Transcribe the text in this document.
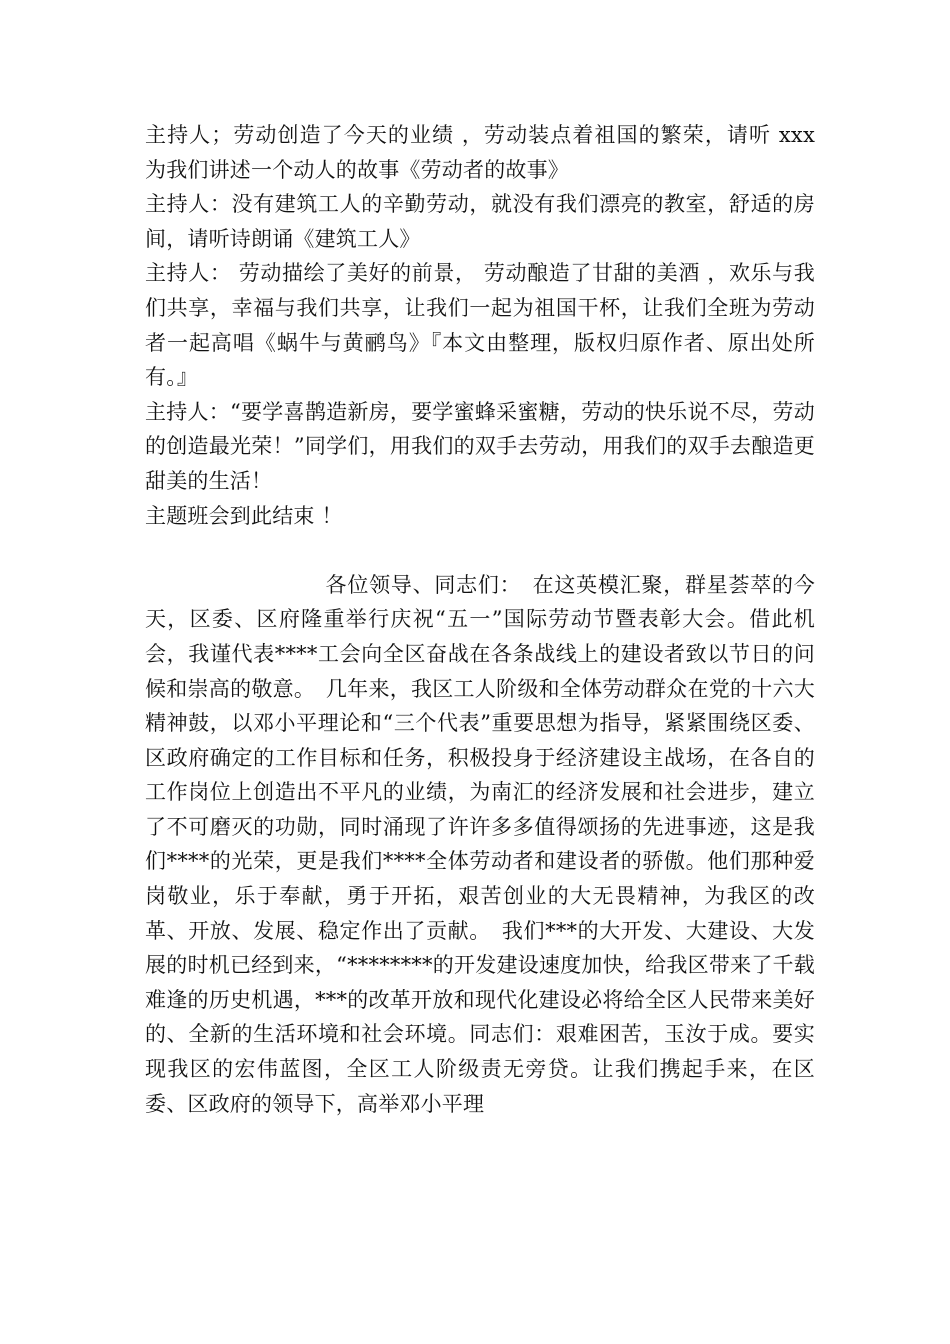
主持人；劳动创造了今天的业绩 ，劳动装点着祖国的繁荣，请听 xxx 为我们讲述一个动人的故事《劳动者的故事》

主持人：没有建筑工人的辛勤劳动，就没有我们漂亮的教室，舒适的房间，请听诗朗诵《建筑工人》

主持人： 劳动描绘了美好的前景， 劳动酿造了甘甜的美酒 ，欢乐与我们共享，幸福与我们共享，让我们一起为祖国干杯，让我们全班为劳动者一起高唱《蜗牛与黄鹂鸟》『本文由整理，版权归原作者、原出处所有。』

主持人：“要学喜鹊造新房，要学蜜蜂采蜜糖，劳动的快乐说不尽，劳动的创造最光荣！”同学们，用我们的双手去劳动，用我们的双手去酿造更甜美的生活！

主题班会到此结束 ！

各位领导、同志们：　在这英模汇聚，群星荟萃的今天，区委、区府隆重举行庆祝“五一”国际劳动节暨表彰大会。借此机会，我谨代表****工会向全区奋战在各条战线上的建设者致以节日的问候和崇高的敬意。　几年来，我区工人阶级和全体劳动群众在党的十六大精神鼓，以邓小平理论和“三个代表”重要思想为指导，紧紧围绕区委、区政府确定的工作目标和任务，积极投身于经济建设主战场，在各自的工作岗位上创造出不平凡的业绩，为南汇的经济发展和社会进步，建立了不可磨灭的功勋，同时涌现了许许多多值得颂扬的先进事迹，这是我们****的光荣，更是我们****全体劳动者和建设者的骄傲。他们那种爱岗敬业，乐于奉献，勇于开拓，艰苦创业的大无畏精神，为我区的改革、开放、发展、稳定作出了贡献。　我们***的大开发、大建设、大发展的时机已经到来，“********的开发建设速度加快，给我区带来了千载难逢的历史机遇，***的改革开放和现代化建设必将给全区人民带来美好的、全新的生活环境和社会环境。同志们：艰难困苦，玉汝于成。要实现我区的宏伟蓝图，全区工人阶级责无旁贷。让我们携起手来，在区委、区政府的领导下，高举邓小平理
